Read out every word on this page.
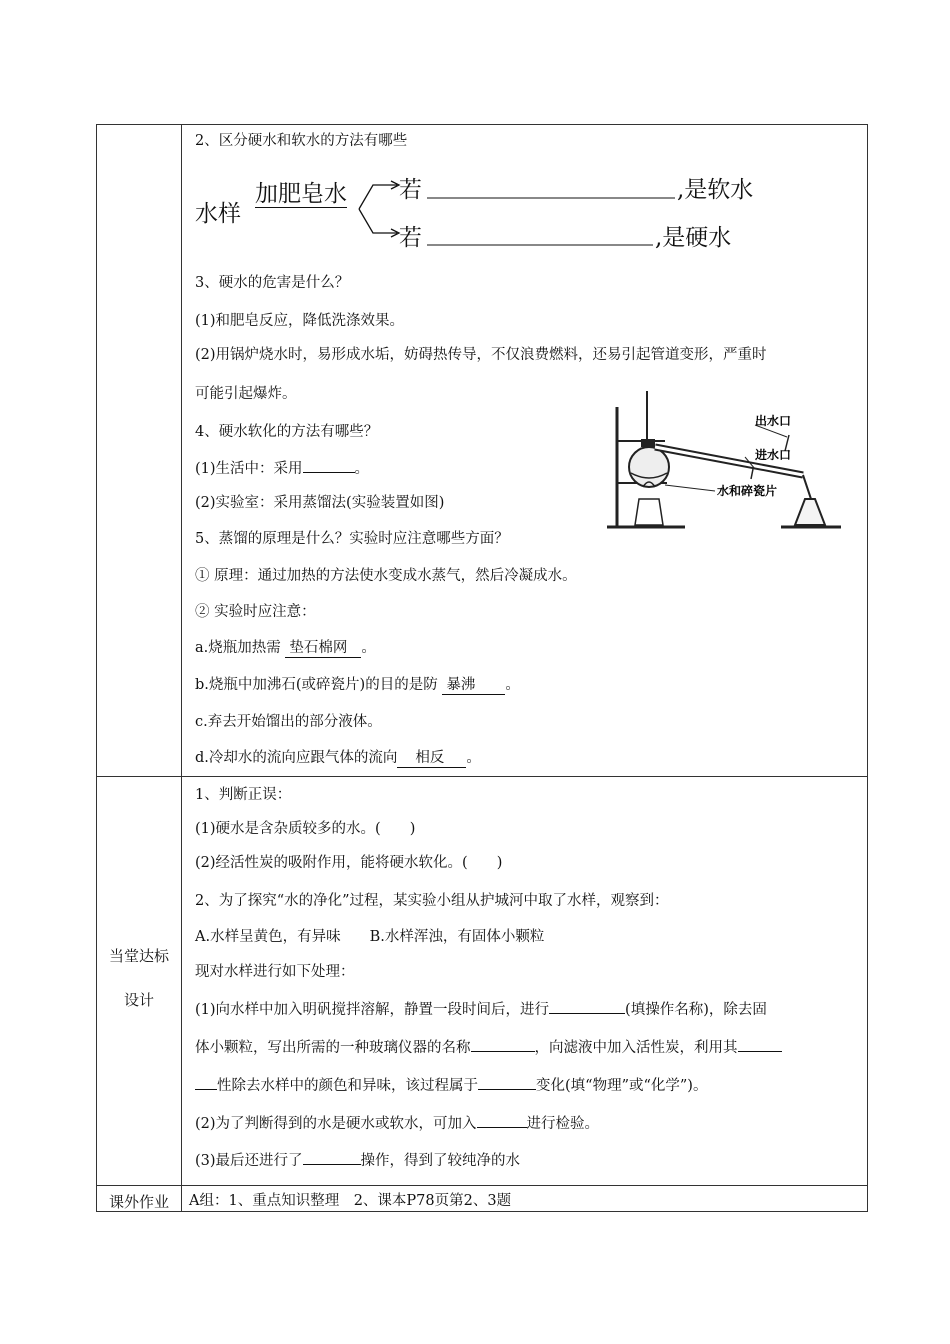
2、区分硬水和软水的方法有哪些
水样
加肥皂水 若
若
,是软水
,是硬水
3、硬水的危害是什么？
(1)和肥皂反应，降低洗涤效果。
(2)用锅炉烧水时，易形成水垢，妨碍热传导，不仅浪费燃料，还易引起管道变形，严重时
可能引起爆炸。
4、硬水软化的方法有哪些？
(1)生活中：采用	。
(2)实验室：采用蒸馏法(实验装置如图)
出水口
进水口
水和碎瓷片
5、蒸馏的原理是什么？实验时应注意哪些方面？
① 原理：通过加热的方法使水变成水蒸气，然后冷凝成水。
② 实验时应注意：
a.烧瓶加热需 垫石棉网 。
b.烧瓶中加沸石(或碎瓷片)的目的是防 暴沸 。
c.弃去开始馏出的部分液体。
d.冷却水的流向应跟气体的流向 相反 。
当堂达标
设计
1、判断正误：
(1)硬水是含杂质较多的水。(　　)
(2)经活性炭的吸附作用，能将硬水软化。(　　)
2、为了探究“水的净化”过程，某实验小组从护城河中取了水样，观察到：
A.水样呈黄色，有异味　　B.水样浑浊，有固体小颗粒
现对水样进行如下处理：
(1)向水样中加入明矾搅拌溶解，静置一段时间后，进行	(填操作名称)，除去固
体小颗粒，写出所需的一种玻璃仪器的名称	，向滤液中加入活性炭，利用其
性除去水样中的颜色和异味，该过程属于	变化(填“物理”或“化学”)。
(2)为了判断得到的水是硬水或软水，可加入	进行检验。
(3)最后还进行了	操作，得到了较纯净的水
课外作业	A组：1、重点知识整理　2、课本P78页第2、3题
